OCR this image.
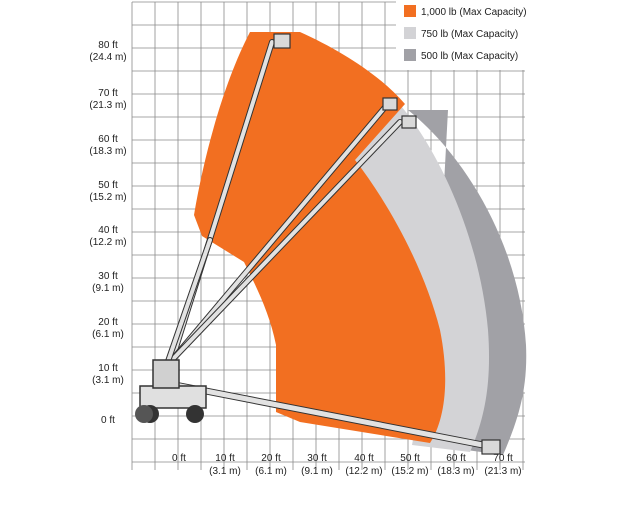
80 ft
(24.4 m)
70 ft
(21.3 m)
60 ft
(18.3 m)
50 ft
(15.2 m)
40 ft
(12.2 m)
30 ft
(9.1 m)
20 ft
(6.1 m)
10 ft
(3.1 m)
0 ft
0 ft	10 ft
(3.1 m)
20 ft
(6.1 m)
30 ft
(9.1 m)
40 ft
(12.2 m)
50 ft
(15.2 m)
60 ft
(18.3 m)
70 ft
(21.3 m)
1,000 lb (Max Capacity)
750 lb (Max Capacity)
500 lb (Max Capacity)
